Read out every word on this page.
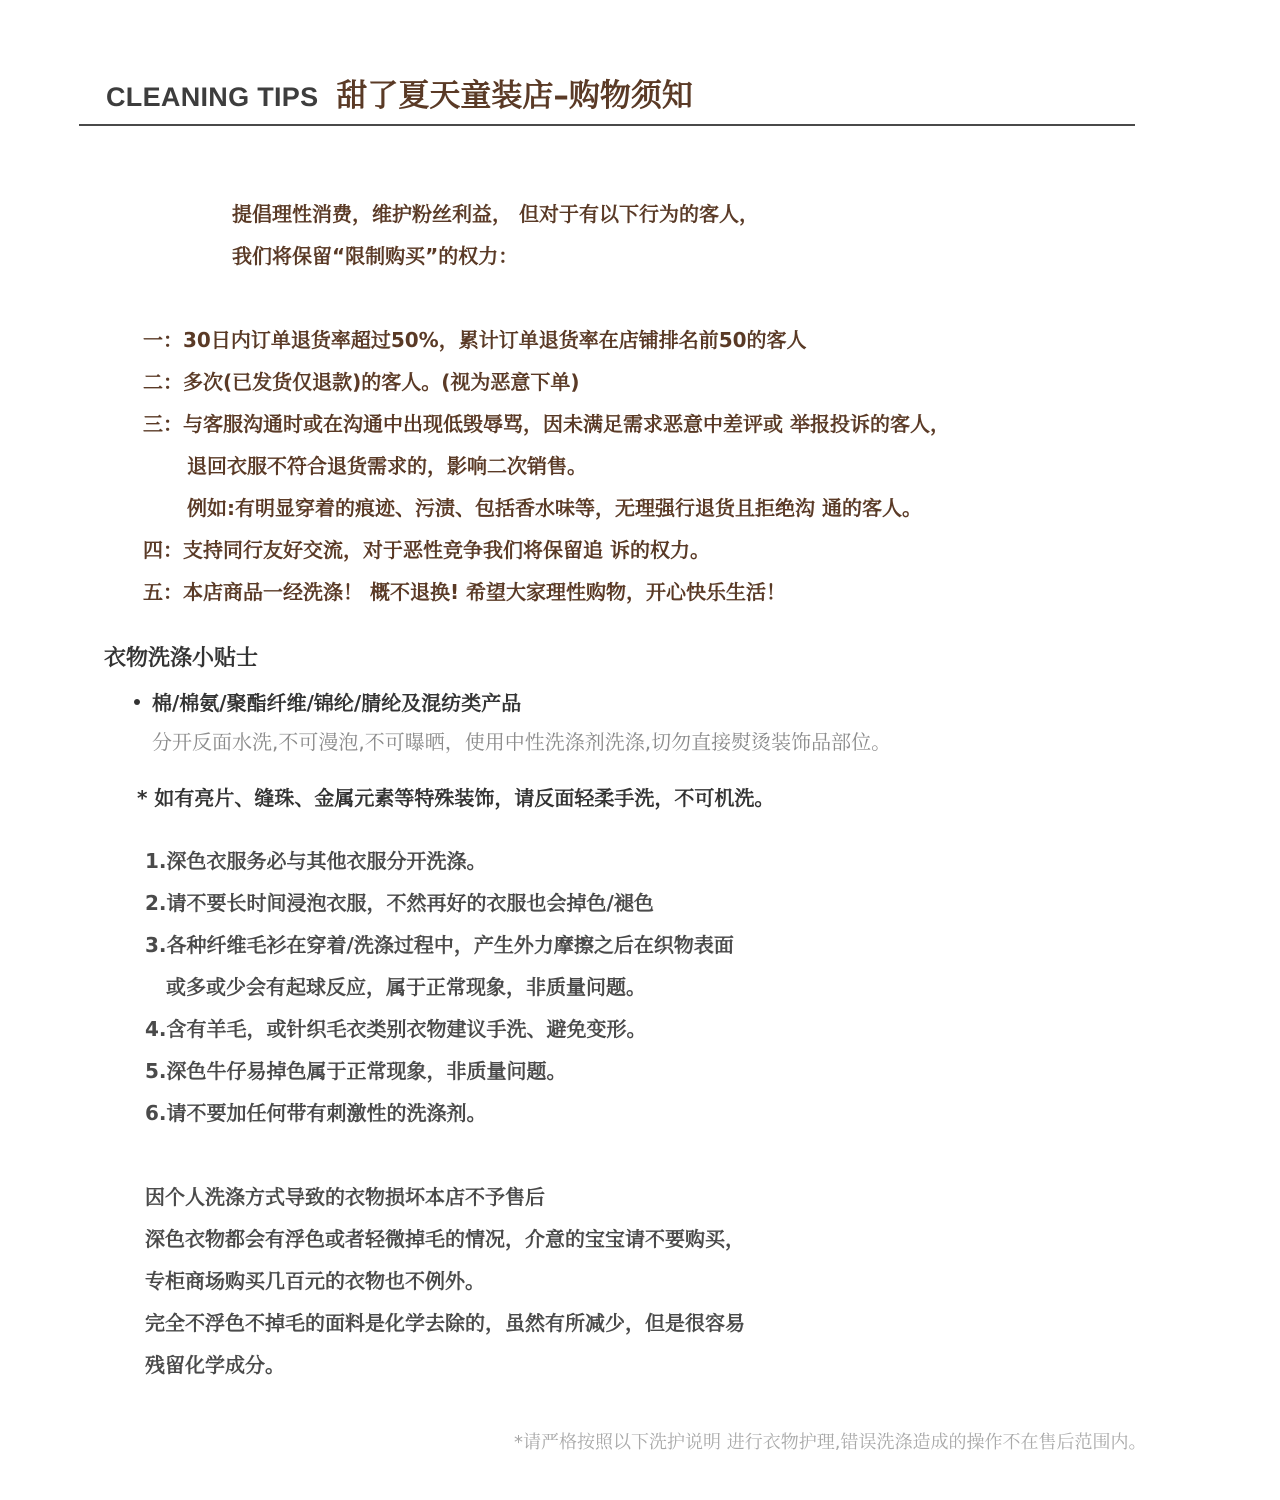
CLEANING TIPS 甜了夏天童装店–购物须知
提倡理性消费，维护粉丝利益， 但对于有以下行为的客人，
我们将保留“限制购买”的权力：
一：30日内订单退货率超过50%，累计订单退货率在店铺排名前50的客人
二：多次(已发货仅退款)的客人。(视为恶意下单)
三：与客服沟通时或在沟通中出现低毁辱骂，因未满足需求恶意中差评或 举报投诉的客人，
退回衣服不符合退货需求的，影响二次销售。
例如:有明显穿着的痕迹、污渍、包括香水味等，无理强行退货且拒绝沟 通的客人。
四：支持同行友好交流，对于恶性竞争我们将保留追 诉的权力。
五：本店商品一经洗涤！ 概不退换! 希望大家理性购物，开心快乐生活！
衣物洗涤小贴士
棉/棉氨/聚酯纤维/锦纶/腈纶及混纺类产品
分开反面水洗,不可漫泡,不可曝晒，使用中性洗涤剂洗涤,切勿直接熨烫装饰品部位。
* 如有亮片、缝珠、金属元素等特殊装饰，请反面轻柔手洗，不可机洗。
1.深色衣服务必与其他衣服分开洗涤。
2.请不要长时间浸泡衣服，不然再好的衣服也会掉色/褪色
3.各种纤维毛衫在穿着/洗涤过程中，产生外力摩擦之后在织物表面
或多或少会有起球反应，属于正常现象，非质量问题。
4.含有羊毛，或针织毛衣类别衣物建议手洗、避免变形。
5.深色牛仔易掉色属于正常现象，非质量问题。
6.请不要加任何带有刺激性的洗涤剂。
因个人洗涤方式导致的衣物损坏本店不予售后
深色衣物都会有浮色或者轻微掉毛的情况，介意的宝宝请不要购买，
专柜商场购买几百元的衣物也不例外。
完全不浮色不掉毛的面料是化学去除的，虽然有所减少，但是很容易
残留化学成分。
*请严格按照以下洗护说明 进行衣物护理,错误洗涤造成的操作不在售后范围内。
